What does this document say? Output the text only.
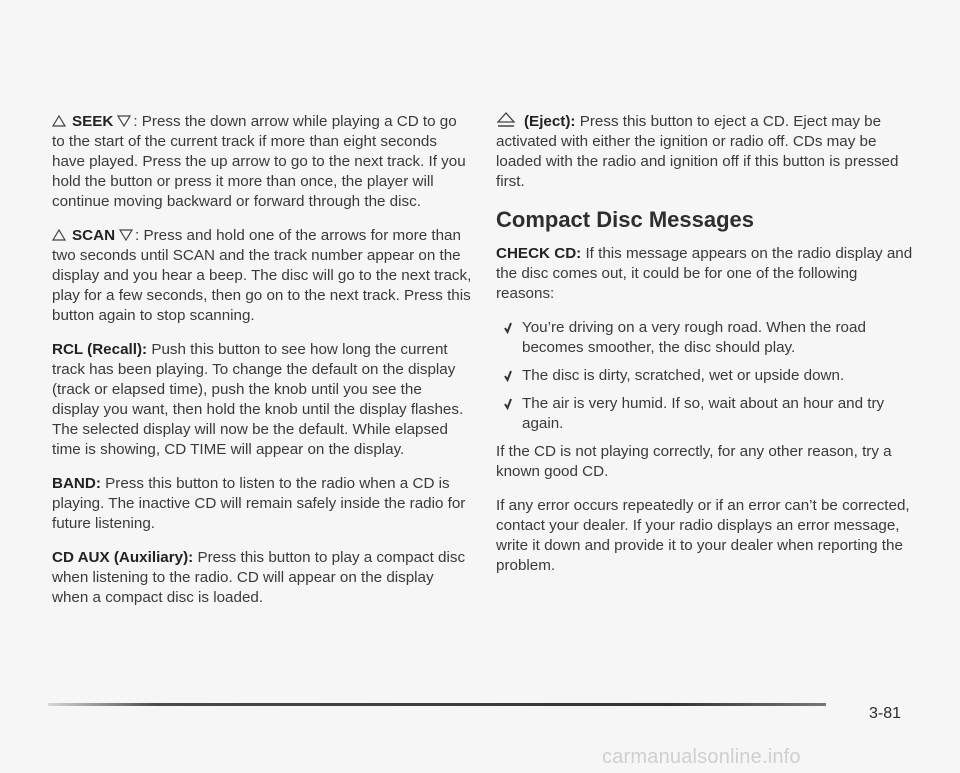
SEEK : Press the down arrow while playing a CD to go to the start of the current track if more than eight seconds have played. Press the up arrow to go to the next track. If you hold the button or press it more than once, the player will continue moving backward or forward through the disc.

SCAN : Press and hold one of the arrows for more than two seconds until SCAN and the track number appear on the display and you hear a beep. The disc will go to the next track, play for a few seconds, then go on to the next track. Press this button again to stop scanning.

RCL (Recall): Push this button to see how long the current track has been playing. To change the default on the display (track or elapsed time), push the knob until you see the display you want, then hold the knob until the display flashes. The selected display will now be the default. While elapsed time is showing, CD TIME will appear on the display.

BAND: Press this button to listen to the radio when a CD is playing. The inactive CD will remain safely inside the radio for future listening.

CD AUX (Auxiliary): Press this button to play a compact disc when listening to the radio. CD will appear on the display when a compact disc is loaded.

(Eject): Press this button to eject a CD. Eject may be activated with either the ignition or radio off. CDs may be loaded with the radio and ignition off if this button is pressed first.

Compact Disc Messages

CHECK CD: If this message appears on the radio display and the disc comes out, it could be for one of the following reasons:

You’re driving on a very rough road. When the road becomes smoother, the disc should play.
The disc is dirty, scratched, wet or upside down.
The air is very humid. If so, wait about an hour and try again.

If the CD is not playing correctly, for any other reason, try a known good CD.

If any error occurs repeatedly or if an error can’t be corrected, contact your dealer. If your radio displays an error message, write it down and provide it to your dealer when reporting the problem.

3-81
carmanualsonline.info
